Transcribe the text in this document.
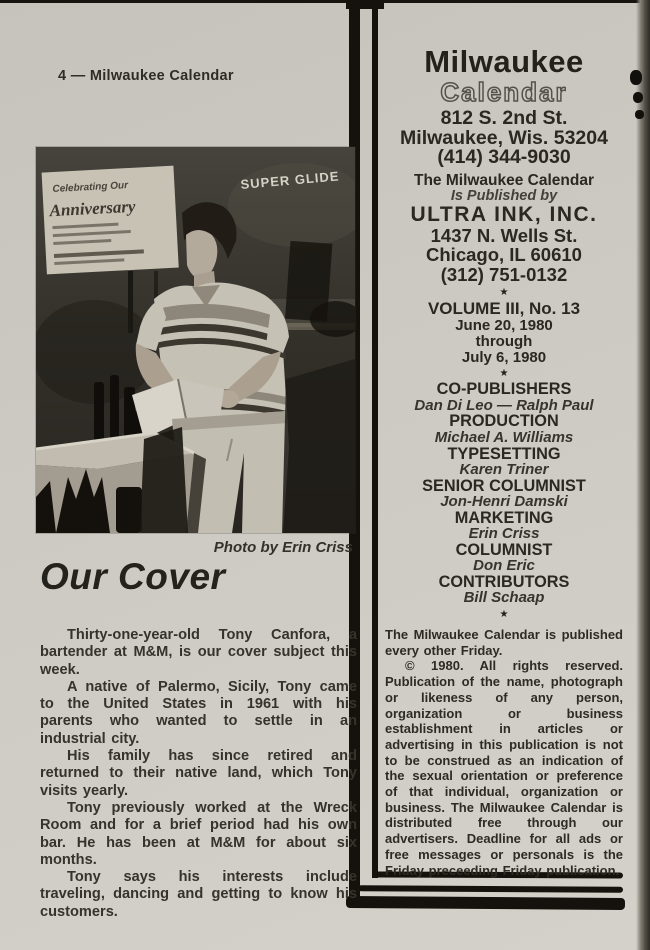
4 — Milwaukee Calendar
SUPER GLIDE
Celebrating Our
Anniversary
Photo by Erin Criss
Our Cover

Thirty-one-year-old Tony Canfora, a bartender at M&M, is our cover subject this week.

A native of Palermo, Sicily, Tony came to the United States in 1961 with his parents who wanted to settle in an industrial city.

His family has since retired and returned to their native land, which Tony visits yearly.

Tony previously worked at the Wreck Room and for a brief period had his own bar. He has been at M&M for about six months.

Tony says his interests include traveling, dancing and getting to know his customers.

Milwaukee
Calendar
812 S. 2nd St.
Milwaukee, Wis. 53204
(414) 344-9030
The Milwaukee Calendar
Is Published by
ULTRA INK, INC.
1437 N. Wells St.
Chicago, IL 60610
(312) 751-0132
★
VOLUME III, No. 13
June 20, 1980
through
July 6, 1980
★
CO-PUBLISHERS
Dan Di Leo — Ralph Paul
PRODUCTION
Michael A. Williams
TYPESETTING
Karen Triner
SENIOR COLUMNIST
Jon-Henri Damski
MARKETING
Erin Criss
COLUMNIST
Don Eric
CONTRIBUTORS
Bill Schaap
★

The Milwaukee Calendar is published every other Friday.

© 1980. All rights reserved. Publication of the name, photograph or likeness of any person, organization or business establishment in articles or advertising in this publication is not to be construed as an indication of the sexual orientation or preference of that individual, organization or business. The Milwaukee Calendar is distributed free through our advertisers. Deadline for all ads or free messages or personals is the Friday preceeding Friday publication.
